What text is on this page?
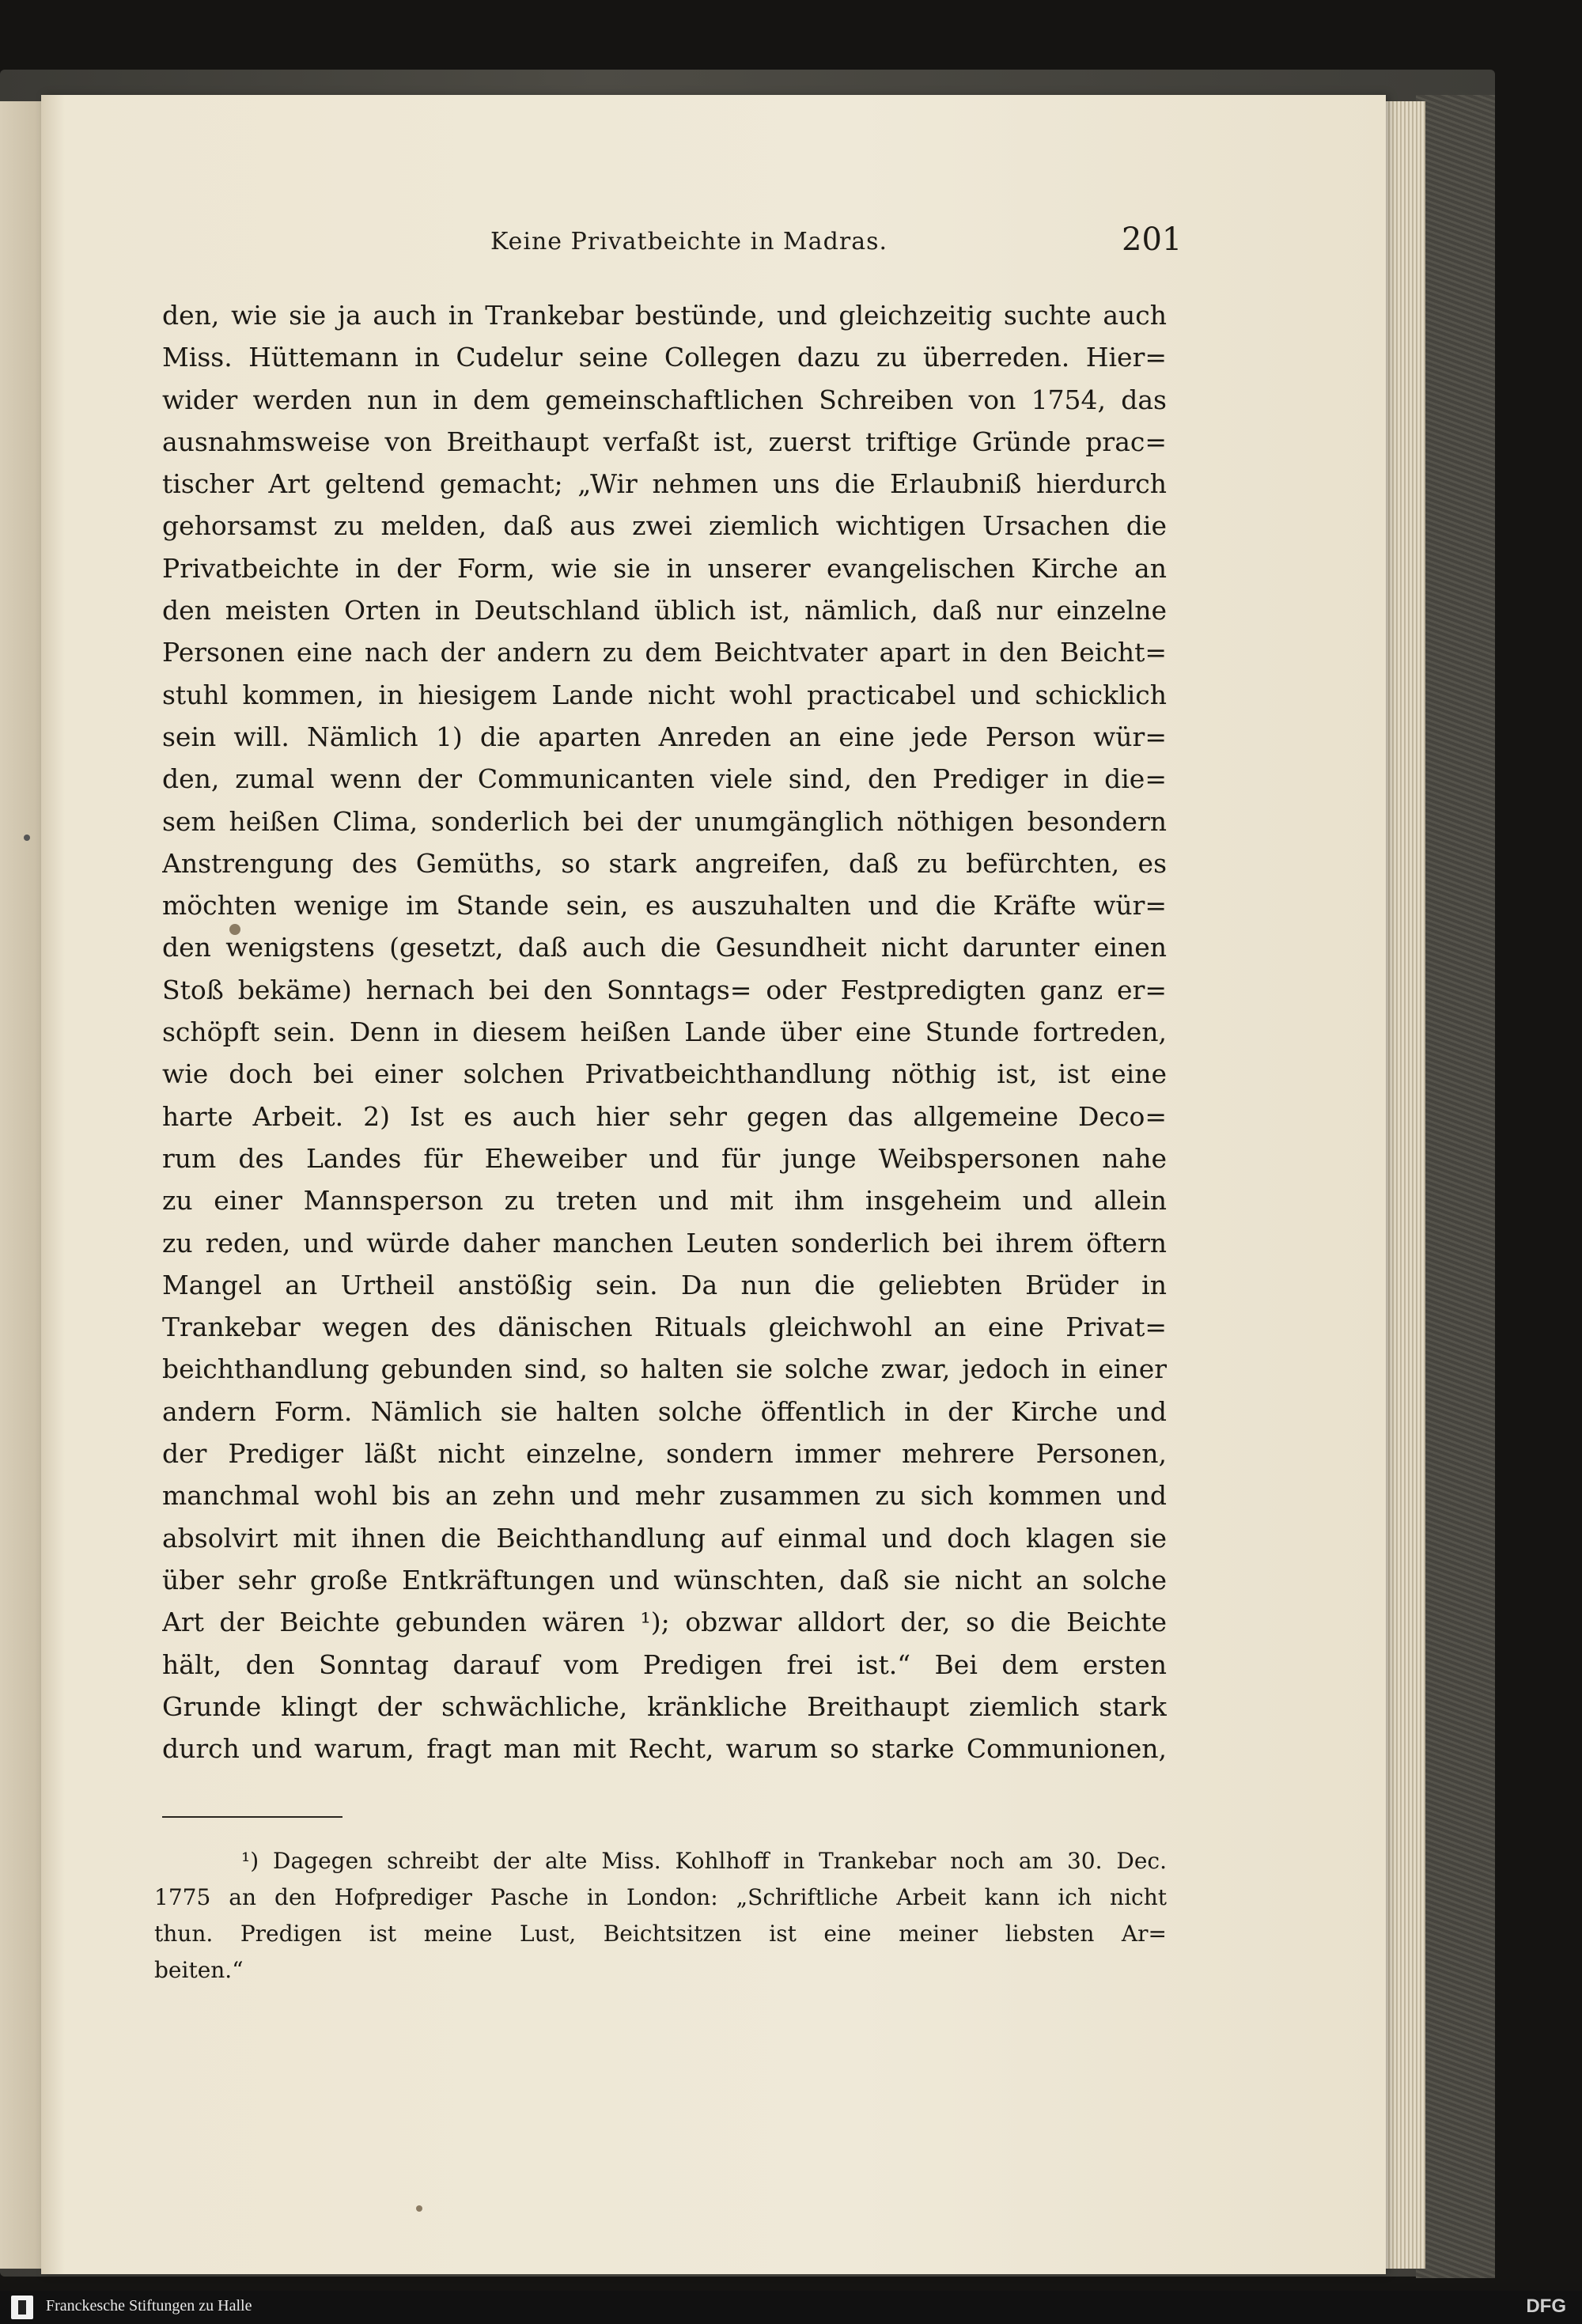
Keine Privatbeichte in Madras.	201
den, wie sie ja auch in Trankebar bestünde, und gleichzeitig suchte auch
Miss. Hüttemann in Cudelur seine Collegen dazu zu überreden. Hier=
wider werden nun in dem gemeinschaftlichen Schreiben von 1754, das
ausnahmsweise von Breithaupt verfaßt ist, zuerst triftige Gründe prac=
tischer Art geltend gemacht; „Wir nehmen uns die Erlaubniß hierdurch
gehorsamst zu melden, daß aus zwei ziemlich wichtigen Ursachen die
Privatbeichte in der Form, wie sie in unserer evangelischen Kirche an
den meisten Orten in Deutschland üblich ist, nämlich, daß nur einzelne
Personen eine nach der andern zu dem Beichtvater apart in den Beicht=
stuhl kommen, in hiesigem Lande nicht wohl practicabel und schicklich
sein will. Nämlich 1) die aparten Anreden an eine jede Person wür=
den, zumal wenn der Communicanten viele sind, den Prediger in die=
sem heißen Clima, sonderlich bei der unumgänglich nöthigen besondern
Anstrengung des Gemüths, so stark angreifen, daß zu befürchten, es
möchten wenige im Stande sein, es auszuhalten und die Kräfte wür=
den wenigstens (gesetzt, daß auch die Gesundheit nicht darunter einen
Stoß bekäme) hernach bei den Sonntags= oder Festpredigten ganz er=
schöpft sein. Denn in diesem heißen Lande über eine Stunde fortreden,
wie doch bei einer solchen Privatbeichthandlung nöthig ist, ist eine
harte Arbeit. 2) Ist es auch hier sehr gegen das allgemeine Deco=
rum des Landes für Eheweiber und für junge Weibspersonen nahe
zu einer Mannsperson zu treten und mit ihm insgeheim und allein
zu reden, und würde daher manchen Leuten sonderlich bei ihrem öftern
Mangel an Urtheil anstößig sein. Da nun die geliebten Brüder in
Trankebar wegen des dänischen Rituals gleichwohl an eine Privat=
beichthandlung gebunden sind, so halten sie solche zwar, jedoch in einer
andern Form. Nämlich sie halten solche öffentlich in der Kirche und
der Prediger läßt nicht einzelne, sondern immer mehrere Personen,
manchmal wohl bis an zehn und mehr zusammen zu sich kommen und
absolvirt mit ihnen die Beichthandlung auf einmal und doch klagen sie
über sehr große Entkräftungen und wünschten, daß sie nicht an solche
Art der Beichte gebunden wären ¹); obzwar alldort der, so die Beichte
hält, den Sonntag darauf vom Predigen frei ist.“ Bei dem ersten
Grunde klingt der schwächliche, kränkliche Breithaupt ziemlich stark
durch und warum, fragt man mit Recht, warum so starke Communionen,
¹) Dagegen schreibt der alte Miss. Kohlhoff in Trankebar noch am 30. Dec.
1775 an den Hofprediger Pasche in London: „Schriftliche Arbeit kann ich nicht
thun. Predigen ist meine Lust, Beichtsitzen ist eine meiner liebsten Ar=
beiten.“
Franckesche Stiftungen zu Halle	DFG
